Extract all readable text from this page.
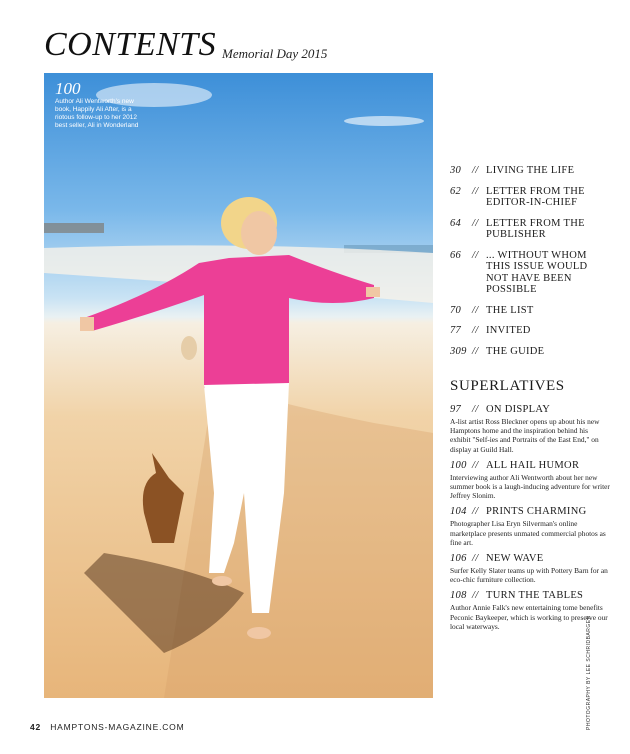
CONTENTS Memorial Day 2015
100
Author Ali Wentworth's new book, Happily Ali After, is a riotous follow-up to her 2012 best seller, Ali in Wonderland
30	// LIVING THE LIFE
62	// LETTER FROM THE EDITOR-IN-CHIEF
64	// LETTER FROM THE PUBLISHER
66	// ... WITHOUT WHOM THIS ISSUE WOULD NOT HAVE BEEN POSSIBLE
70	// THE LIST
77	// INVITED
309 // THE GUIDE
SUPERLATIVES
97	// ON DISPLAY
A-list artist Ross Bleckner opens up about his new Hamptons home and the inspiration behind his exhibit "Self-ies and Portraits of the East End," on display at Guild Hall.
100 // ALL HAIL HUMOR
Interviewing author Ali Wentworth about her new summer book is a laugh-inducing adventure for writer Jeffrey Slonim.
104 // PRINTS CHARMING
Photographer Lisa Eryn Silverman's online marketplace presents unmated commercial photos as fine art.
106 // NEW WAVE
Surfer Kelly Slater teams up with Pottery Barn for an eco-chic furniture collection.
108 // TURN THE TABLES
Author Annie Falk's new entertaining tome benefits Peconic Baykeeper, which is working to preserve our local waterways.	PHOTOGRAPHY BY LEE SCHRIDBARGER
42 HAMPTONS-MAGAZINE.COM
